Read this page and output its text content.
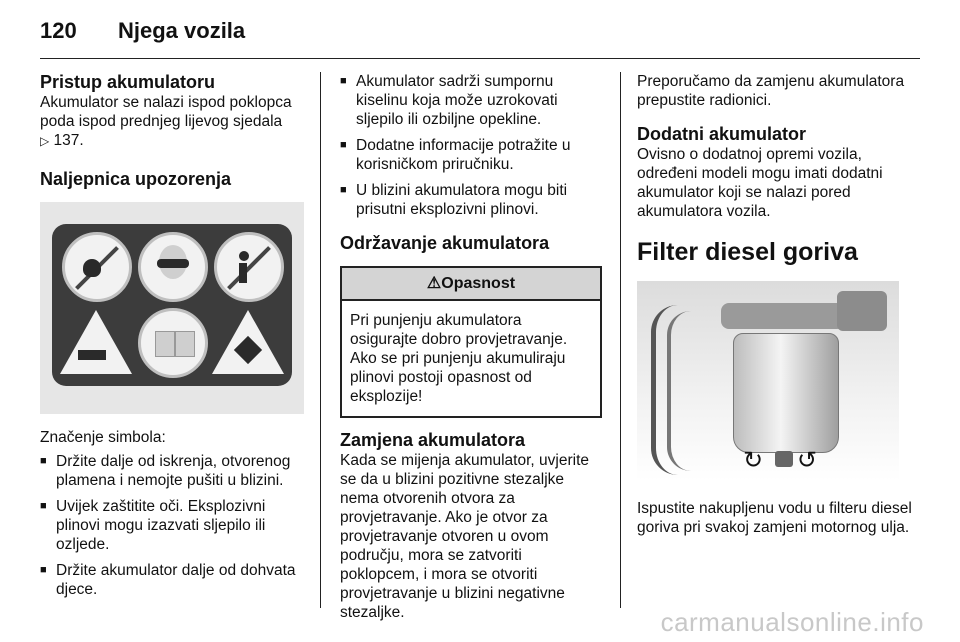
120	Njega vozila
Pristup akumulatoru

Akumulator se nalazi ispod poklopca poda ispod prednjeg lijevog sjedala
▷ 137.

Naljepnica upozorenja

Značenje simbola:

■ Držite dalje od iskrenja, otvorenog plamena i nemojte pušiti u blizini.
■ Uvijek zaštitite oči. Eksplozivni plinovi mogu izazvati sljepilo ili ozljede.
■ Držite akumulator dalje od dohvata djece.
■ Akumulator sadrži sumpornu kiselinu koja može uzrokovati sljepilo ili ozbiljne opekline.
■ Dodatne informacije potražite u korisničkom priručniku.
■ U blizini akumulatora mogu biti prisutni eksplozivni plinovi.
Održavanje akumulatora
⚠Opasnost
Pri punjenju akumulatora osigurajte dobro provjetravanje. Ako se pri punjenju akumuliraju plinovi postoji opasnost od eksplozije!
Zamjena akumulatora

Kada se mijenja akumulator, uvjerite se da u blizini pozitivne stezaljke nema otvorenih otvora za provjetravanje. Ako je otvor za provjetravanje otvoren u ovom području, mora se zatvoriti poklopcem, i mora se otvoriti provjetravanje u blizini negativne stezaljke.

Preporučamo da zamjenu akumulatora prepustite radionici.

Dodatni akumulator

Ovisno o dodatnoj opremi vozila, određeni modeli mogu imati dodatni akumulator koji se nalazi pored akumulatora vozila.

Filter diesel goriva
↻ ↺

Ispustite nakupljenu vodu u filteru diesel goriva pri svakoj zamjeni motornog ulja.

carmanualsonline.info
